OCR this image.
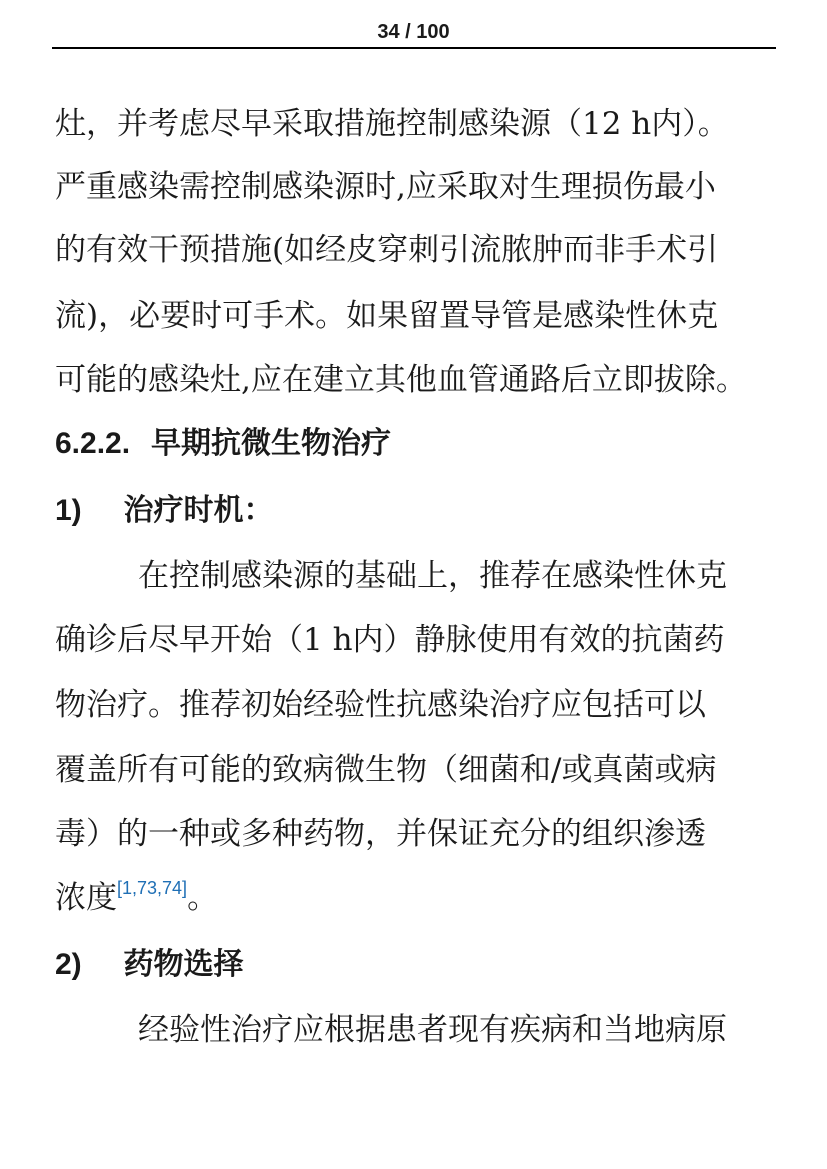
34 / 100
灶，并考虑尽早采取措施控制感染源（12 h内）。
严重感染需控制感染源时,应采取对生理损伤最小
的有效干预措施(如经皮穿刺引流脓肿而非手术引
流)，必要时可手术。如果留置导管是感染性休克
可能的感染灶,应在建立其他血管通路后立即拔除。
6.2.2. 早期抗微生物治疗
1) 治疗时机：
在控制感染源的基础上，推荐在感染性休克
确诊后尽早开始（1 h内）静脉使用有效的抗菌药
物治疗。推荐初始经验性抗感染治疗应包括可以
覆盖所有可能的致病微生物（细菌和/或真菌或病
毒）的一种或多种药物，并保证充分的组织渗透
浓度[1,73,74]。
2) 药物选择
经验性治疗应根据患者现有疾病和当地病原
